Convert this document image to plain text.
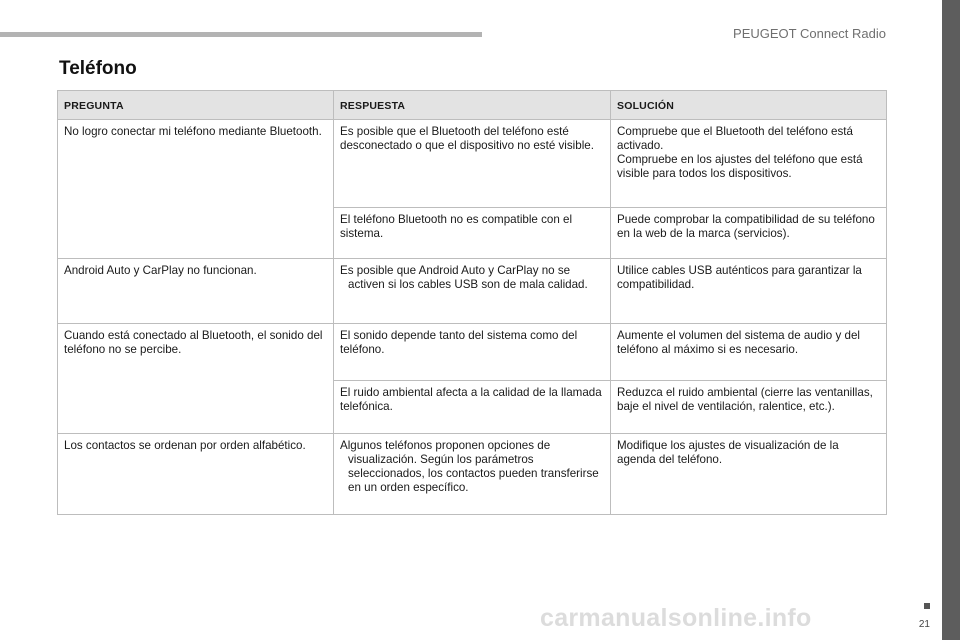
PEUGEOT Connect Radio
Teléfono
PREGUNTA	RESPUESTA	SOLUCIÓN
No logro conectar mi teléfono mediante Bluetooth.	Es posible que el Bluetooth del teléfono esté desconectado o que el dispositivo no esté visible.	Compruebe que el Bluetooth del teléfono está activado.
Compruebe en los ajustes del teléfono que está visible para todos los dispositivos.
	El teléfono Bluetooth no es compatible con el sistema.	Puede comprobar la compatibilidad de su teléfono en la web de la marca (servicios).
Android Auto y CarPlay no funcionan.	Es posible que Android Auto y CarPlay no se activen si los cables USB son de mala calidad.	Utilice cables USB auténticos para garantizar la compatibilidad.
Cuando está conectado al Bluetooth, el sonido del teléfono no se percibe.	El sonido depende tanto del sistema como del teléfono.	Aumente el volumen del sistema de audio y del teléfono al máximo si es necesario.
	El ruido ambiental afecta a la calidad de la llamada telefónica.	Reduzca el ruido ambiental (cierre las ventanillas, baje el nivel de ventilación, ralentice, etc.).
Los contactos se ordenan por orden alfabético.	Algunos teléfonos proponen opciones de visualización. Según los parámetros seleccionados, los contactos pueden transferirse en un orden específico.	Modifique los ajustes de visualización de la agenda del teléfono.
carmanualsonline.info	21
